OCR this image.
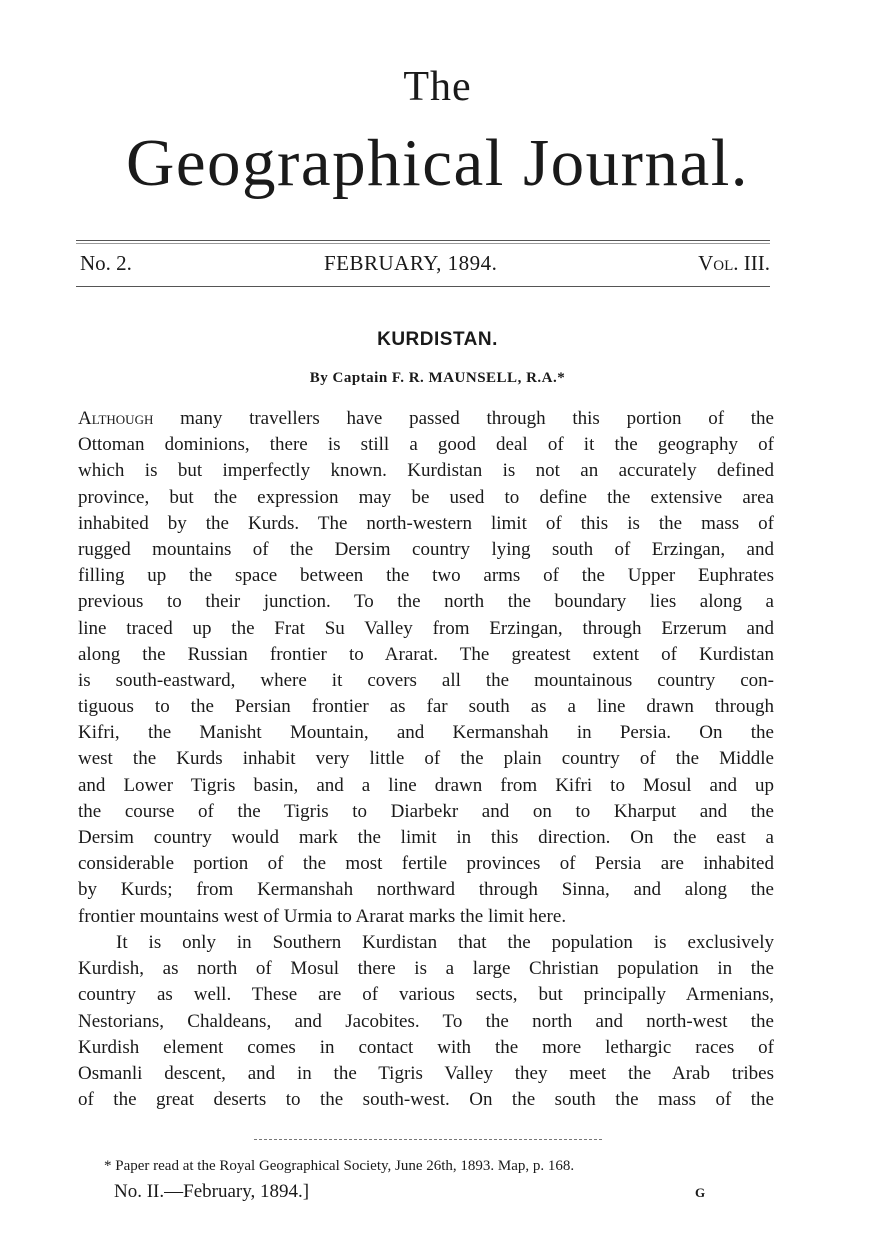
The
Geographical Journal.
No. 2.	FEBRUARY, 1894.	Vol. III.
KURDISTAN.
By Captain F. R. MAUNSELL, R.A.*
Although many travellers have passed through this portion of the
Ottoman dominions, there is still a good deal of it the geography of
which is but imperfectly known. Kurdistan is not an accurately defined
province, but the expression may be used to define the extensive area
inhabited by the Kurds. The north-western limit of this is the mass of
rugged mountains of the Dersim country lying south of Erzingan, and
filling up the space between the two arms of the Upper Euphrates
previous to their junction. To the north the boundary lies along a
line traced up the Frat Su Valley from Erzingan, through Erzerum and
along the Russian frontier to Ararat. The greatest extent of Kurdistan
is south-eastward, where it covers all the mountainous country con-
tiguous to the Persian frontier as far south as a line drawn through
Kifri, the Manisht Mountain, and Kermanshah in Persia. On the
west the Kurds inhabit very little of the plain country of the Middle
and Lower Tigris basin, and a line drawn from Kifri to Mosul and up
the course of the Tigris to Diarbekr and on to Kharput and the
Dersim country would mark the limit in this direction. On the east a
considerable portion of the most fertile provinces of Persia are inhabited
by Kurds; from Kermanshah northward through Sinna, and along the
frontier mountains west of Urmia to Ararat marks the limit here.
It is only in Southern Kurdistan that the population is exclusively
Kurdish, as north of Mosul there is a large Christian population in the
country as well. These are of various sects, but principally Armenians,
Nestorians, Chaldeans, and Jacobites. To the north and north-west the
Kurdish element comes in contact with the more lethargic races of
Osmanli descent, and in the Tigris Valley they meet the Arab tribes
of the great deserts to the south-west. On the south the mass of the
* Paper read at the Royal Geographical Society, June 26th, 1893. Map, p. 168.
No. II.—February, 1894.]	G
